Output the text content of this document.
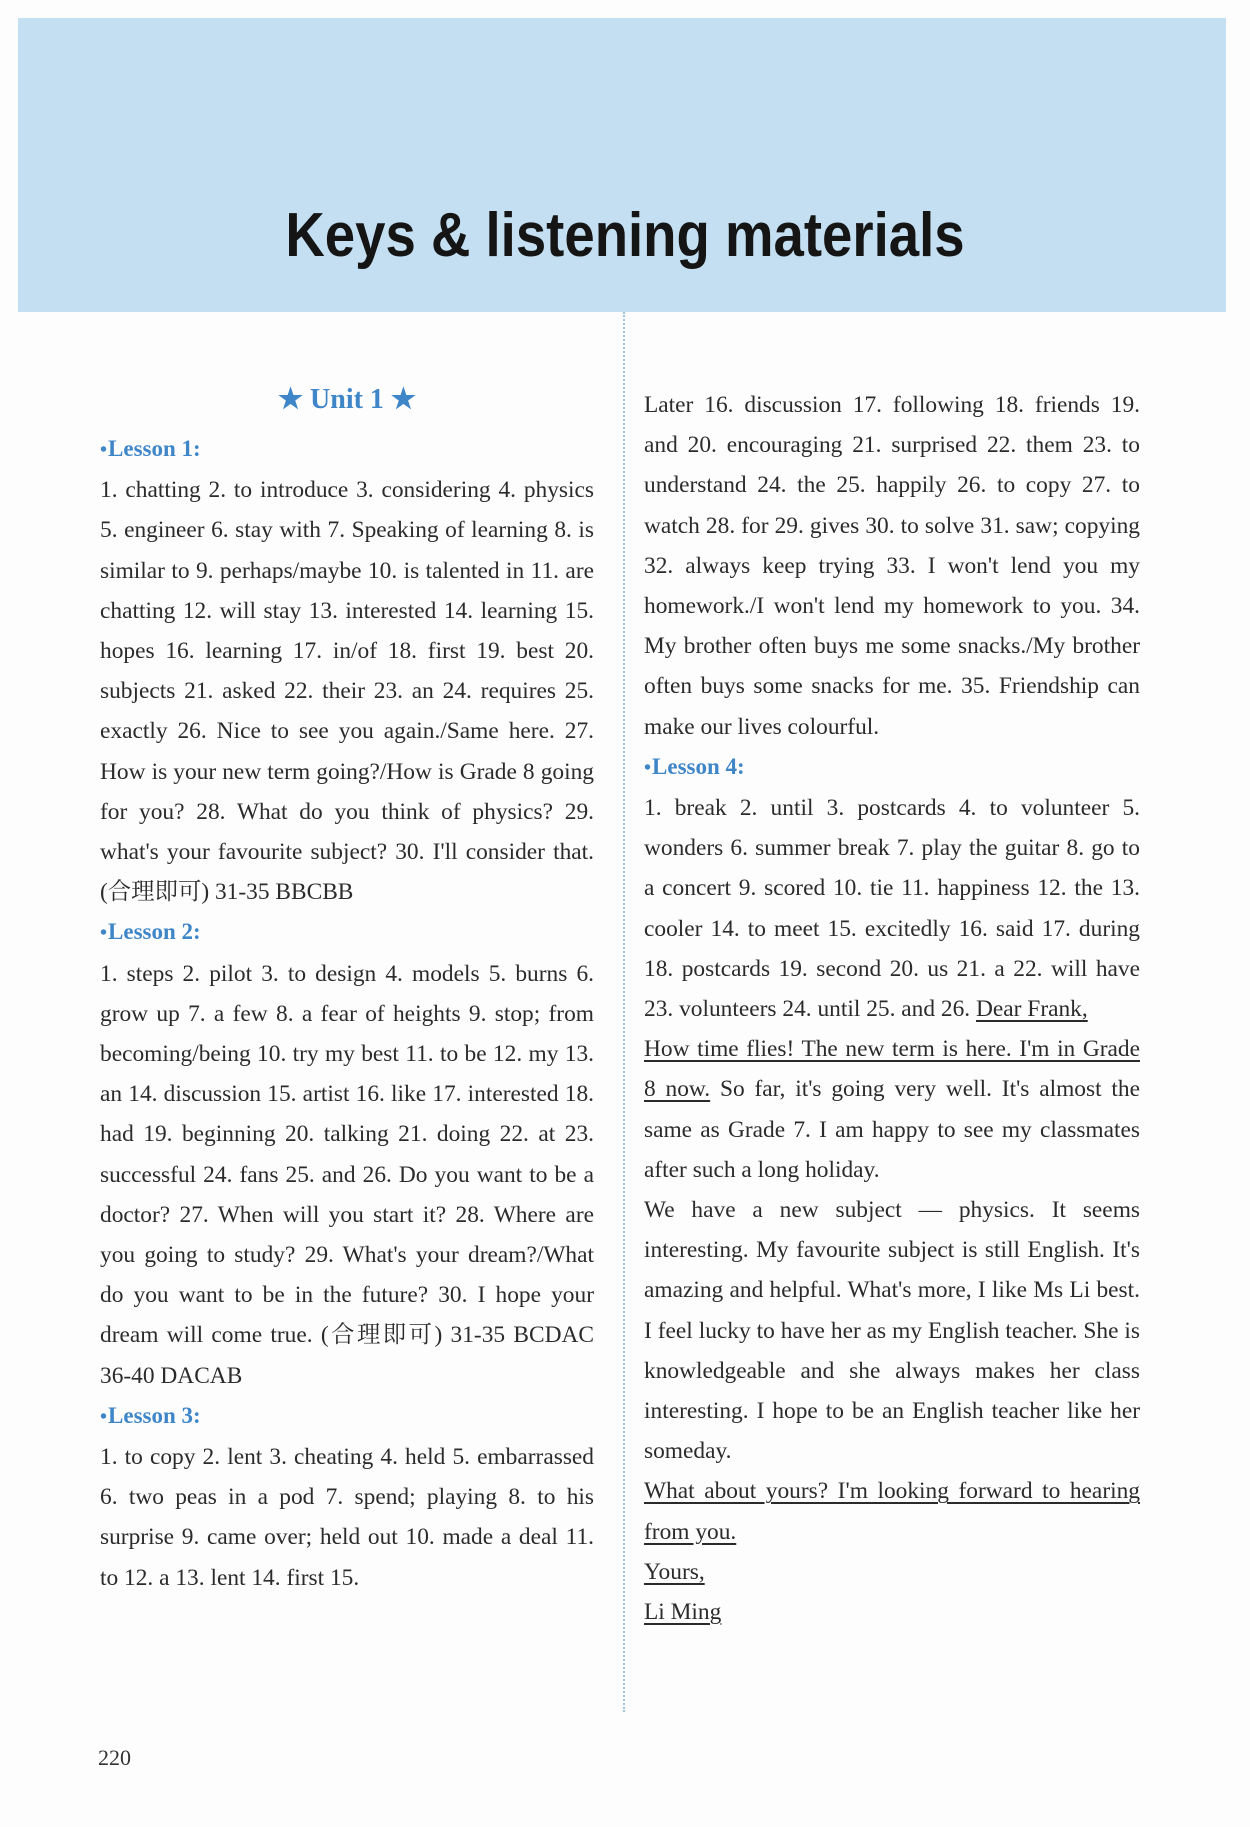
Keys & listening materials
★ Unit 1 ★
•Lesson 1:

1. chatting 2. to introduce 3. considering 4. physics 5. engineer 6. stay with 7. Speaking of learning 8. is similar to 9. perhaps/maybe 10. is talented in 11. are chatting 12. will stay 13. interested 14. learning 15. hopes 16. learning 17. in/of 18. first 19. best 20. subjects 21. asked 22. their 23. an 24. requires 25. exactly 26. Nice to see you again./Same here. 27. How is your new term going?/How is Grade 8 going for you? 28. What do you think of physics? 29. what's your favourite subject? 30. I'll consider that. (合理即可) 31-35 BBCBB

•Lesson 2:

1. steps 2. pilot 3. to design 4. models 5. burns 6. grow up 7. a few 8. a fear of heights 9. stop; from becoming/being 10. try my best 11. to be 12. my 13. an 14. discussion 15. artist 16. like 17. interested 18. had 19. beginning 20. talking 21. doing 22. at 23. successful 24. fans 25. and 26. Do you want to be a doctor? 27. When will you start it? 28. Where are you going to study? 29. What's your dream?/What do you want to be in the future? 30. I hope your dream will come true. (合理即可) 31-35 BCDAC 36-40 DACAB

•Lesson 3:

1. to copy 2. lent 3. cheating 4. held 5. embarrassed 6. two peas in a pod 7. spend; playing 8. to his surprise 9. came over; held out 10. made a deal 11. to 12. a 13. lent 14. first 15.

Later 16. discussion 17. following 18. friends 19. and 20. encouraging 21. surprised 22. them 23. to understand 24. the 25. happily 26. to copy 27. to watch 28. for 29. gives 30. to solve 31. saw; copying 32. always keep trying 33. I won't lend you my homework./I won't lend my homework to you. 34. My brother often buys me some snacks./My brother often buys some snacks for me. 35. Friendship can make our lives colourful.

•Lesson 4:

1. break 2. until 3. postcards 4. to volunteer 5. wonders 6. summer break 7. play the guitar 8. go to a concert 9. scored 10. tie 11. happiness 12. the 13. cooler 14. to meet 15. excitedly 16. said 17. during 18. postcards 19. second 20. us 21. a 22. will have 23. volunteers 24. until 25. and 26. Dear Frank,

How time flies! The new term is here. I'm in Grade 8 now. So far, it's going very well. It's almost the same as Grade 7. I am happy to see my classmates after such a long holiday.

We have a new subject — physics. It seems interesting. My favourite subject is still English. It's amazing and helpful. What's more, I like Ms Li best. I feel lucky to have her as my English teacher. She is knowledgeable and she always makes her class interesting. I hope to be an English teacher like her someday.

What about yours? I'm looking forward to hearing from you.

Yours,

Li Ming

220
